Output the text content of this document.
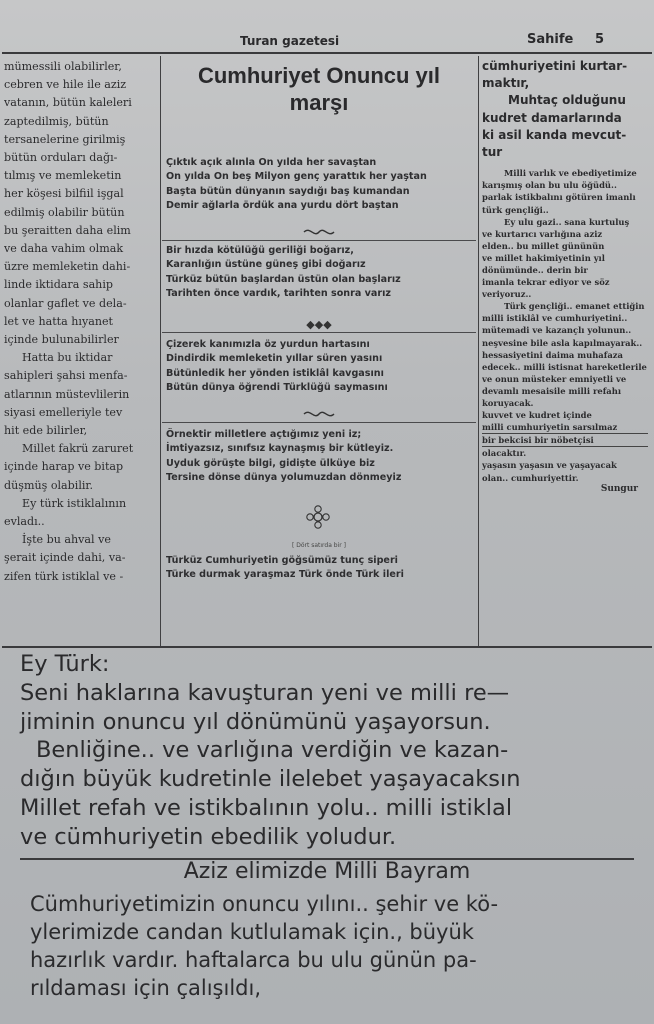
Turan gazetesi	Sahife 5

mümessili olabilirler,

cebren ve hile ile aziz

vatanın, bütün kaleleri

zaptedilmiş, bütün

tersanelerine girilmiş

bütün orduları dağı-

tılmış ve memleketin

her köşesi bilfiil işgal

edilmiş olabilir bütün

bu şeraitten daha elim

ve daha vahim olmak

üzre memleketin dahi-

linde iktidara sahip

olanlar gaflet ve dela-

let ve hatta hıyanet

içinde bulunabilirler

Hatta bu iktidar

sahipleri şahsi menfa-

atlarının müstevlilerin

siyasi emelleriyle tev

hit ede bilirler,

Millet fakrü zaruret

içinde harap ve bitap

düşmüş olabilir.

Ey türk istiklalının

evladı..

İşte bu ahval ve

şerait içinde dahi, va-

zifen türk istiklal ve -

Cumhuriyet Onuncu yıl
marşı
Çıktık açık alınla On yılda her savaştan
On yılda On beş Milyon genç yarattık her yaştan
Başta bütün dünyanın saydığı baş kumandan
Demir ağlarla ördük ana yurdu dört baştan
Bir hızda kötülüğü geriliği boğarız,
Karanlığın üstüne güneş gibi doğarız
Türküz bütün başlardan üstün olan başlarız
Tarihten önce vardık, tarihten sonra varız
◆◆◆
Çizerek kanımızla öz yurdun hartasını
Dindirdik memleketin yıllar süren yasını
Bütünledik her yönden istiklâl kavgasını
Bütün dünya öğrendi Türklüğü saymasını
Örnektir milletlere açtığımız yeni iz;
İmtiyazsız, sınıfsız kaynaşmış bir kütleyiz.
Uyduk görüşte bilgi, gidişte ülküye biz
Tersine dönse dünya yolumuzdan dönmeyiz
[ Dört satırda bir ]
Türküz Cumhuriyetin göğsümüz tunç siperi
Türke durmak yaraşmaz Türk önde Türk ileri
cümhuriyetini kurtar-
maktır,
Muhtaç olduğunu
kudret damarlarında
ki asil kanda mevcut-
tur
Milli varlık ve ebediyetimize
karışmış olan bu ulu öğüdü..
parlak istikbalını götüren imanlı
türk gençliği..
Ey ulu gazi.. sana kurtuluş
ve kurtarıcı varlığına aziz
elden.. bu millet gününün
ve millet hakimiyetinin yıl
dönümünde.. derin bir
imanla tekrar ediyor ve söz
veriyoruz..
Türk gençliği.. emanet ettiğin
milli istiklâl ve cumhuriyetini..
mütemadi ve kazançlı yolunun..
neşvesine bile asla kapılmayarak..
hessasiyetini daima muhafaza
edecek.. milli istisnat hareketlerile
ve onun müsteker emniyetli ve
devamlı mesaisile milli refahı
koruyacak.
kuvvet ve kudret içinde
milli cumhuriyetin sarsılmaz
bir bekcisi bir nöbetçisi
olacaktır.
yaşasın yaşasın ve yaşayacak
olan.. cumhuriyettir.
Sungur
Ey Türk:
Seni haklarına kavuşturan yeni ve milli re—
jiminin onuncu yıl dönümünü yaşayorsun.
Benliğine.. ve varlığına verdiğin ve kazan-
dığın büyük kudretinle ilelebet yaşayacaksın
Millet refah ve istikbalının yolu.. milli istiklal
ve cümhuriyetin ebedilik yoludur.
Aziz elimizde Milli Bayram
Cümhuriyetimizin onuncu yılını.. şehir ve kö-
ylerimizde candan kutlulamak için., büyük
hazırlık vardır. haftalarca bu ulu günün pa-
rıldaması için çalışıldı,
